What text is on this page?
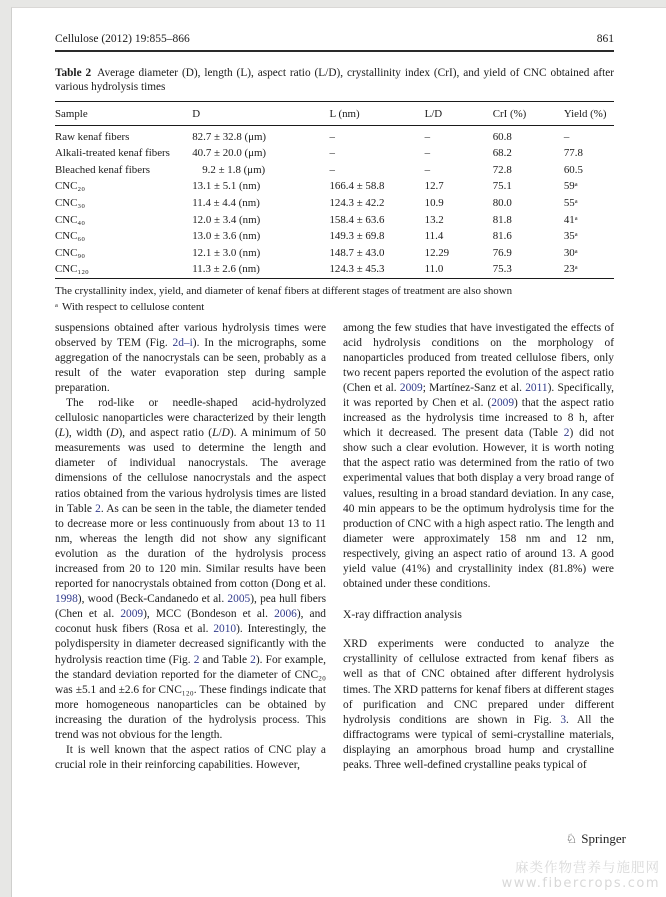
Cellulose (2012) 19:855–866	861
Table 2 Average diameter (D), length (L), aspect ratio (L/D), crystallinity index (CrI), and yield of CNC obtained after various hydrolysis times
Sample	D	L (nm)	L/D	CrI (%)	Yield (%)
Raw kenaf fibers	82.7 ± 32.8 (μm)	–	–	60.8	–
Alkali-treated kenaf fibers	40.7 ± 20.0 (μm)	–	–	68.2	77.8
Bleached kenaf fibers	9.2 ± 1.8 (μm)	–	–	72.8	60.5
CNC₂₀	13.1 ± 5.1 (nm)	166.4 ± 58.8	12.7	75.1	59ᵃ
CNC₃₀	11.4 ± 4.4 (nm)	124.3 ± 42.2	10.9	80.0	55ᵃ
CNC₄₀	12.0 ± 3.4 (nm)	158.4 ± 63.6	13.2	81.8	41ᵃ
CNC₆₀	13.0 ± 3.6 (nm)	149.3 ± 69.8	11.4	81.6	35ᵃ
CNC₉₀	12.1 ± 3.0 (nm)	148.7 ± 43.0	12.29	76.9	30ᵃ
CNC₁₂₀	11.3 ± 2.6 (nm)	124.3 ± 45.3	11.0	75.3	23ᵃ
The crystallinity index, yield, and diameter of kenaf fibers at different stages of treatment are also shown
ᵃ With respect to cellulose content

suspensions obtained after various hydrolysis times were observed by TEM (Fig. 2d–i). In the micrographs, some aggregation of the nanocrystals can be seen, probably as a result of the water evaporation step during sample preparation.

The rod-like or needle-shaped acid-hydrolyzed cellulosic nanoparticles were characterized by their length (L), width (D), and aspect ratio (L/D). A minimum of 50 measurements was used to determine the length and diameter of individual nanocrystals. The average dimensions of the cellulose nanocrystals and the aspect ratios obtained from the various hydrolysis times are listed in Table 2. As can be seen in the table, the diameter tended to decrease more or less continuously from about 13 to 11 nm, whereas the length did not show any significant evolution as the duration of the hydrolysis process increased from 20 to 120 min. Similar results have been reported for nanocrystals obtained from cotton (Dong et al. 1998), wood (Beck-Candanedo et al. 2005), pea hull fibers (Chen et al. 2009), MCC (Bondeson et al. 2006), and coconut husk fibers (Rosa et al. 2010). Interestingly, the polydispersity in diameter decreased significantly with the hydrolysis reaction time (Fig. 2 and Table 2). For example, the standard deviation reported for the diameter of CNC₂₀ was ±5.1 and ±2.6 for CNC₁₂₀. These findings indicate that more homogeneous nanoparticles can be obtained by increasing the duration of the hydrolysis process. This trend was not obvious for the length.

It is well known that the aspect ratios of CNC play a crucial role in their reinforcing capabilities. However,

among the few studies that have investigated the effects of acid hydrolysis conditions on the morphology of nanoparticles produced from treated cellulose fibers, only two recent papers reported the evolution of the aspect ratio (Chen et al. 2009; Martínez-Sanz et al. 2011). Specifically, it was reported by Chen et al. (2009) that the aspect ratio increased as the hydrolysis time increased to 8 h, after which it decreased. The present data (Table 2) did not show such a clear evolution. However, it is worth noting that the aspect ratio was determined from the ratio of two experimental values that both display a very broad range of values, resulting in a broad standard deviation. In any case, 40 min appears to be the optimum hydrolysis time for the production of CNC with a high aspect ratio. The length and diameter were approximately 158 nm and 12 nm, respectively, giving an aspect ratio of around 13. A good yield value (41%) and crystallinity index (81.8%) were obtained under these conditions.

X-ray diffraction analysis

XRD experiments were conducted to analyze the crystallinity of cellulose extracted from kenaf fibers as well as that of CNC obtained after different hydrolysis times. The XRD patterns for kenaf fibers at different stages of purification and CNC prepared under different hydrolysis conditions are shown in Fig. 3. All the diffractograms were typical of semi-crystalline materials, displaying an amorphous broad hump and crystalline peaks. Three well-defined crystalline peaks typical of

♘ Springer
麻类作物营养与施肥网
www.fibercrops.com
